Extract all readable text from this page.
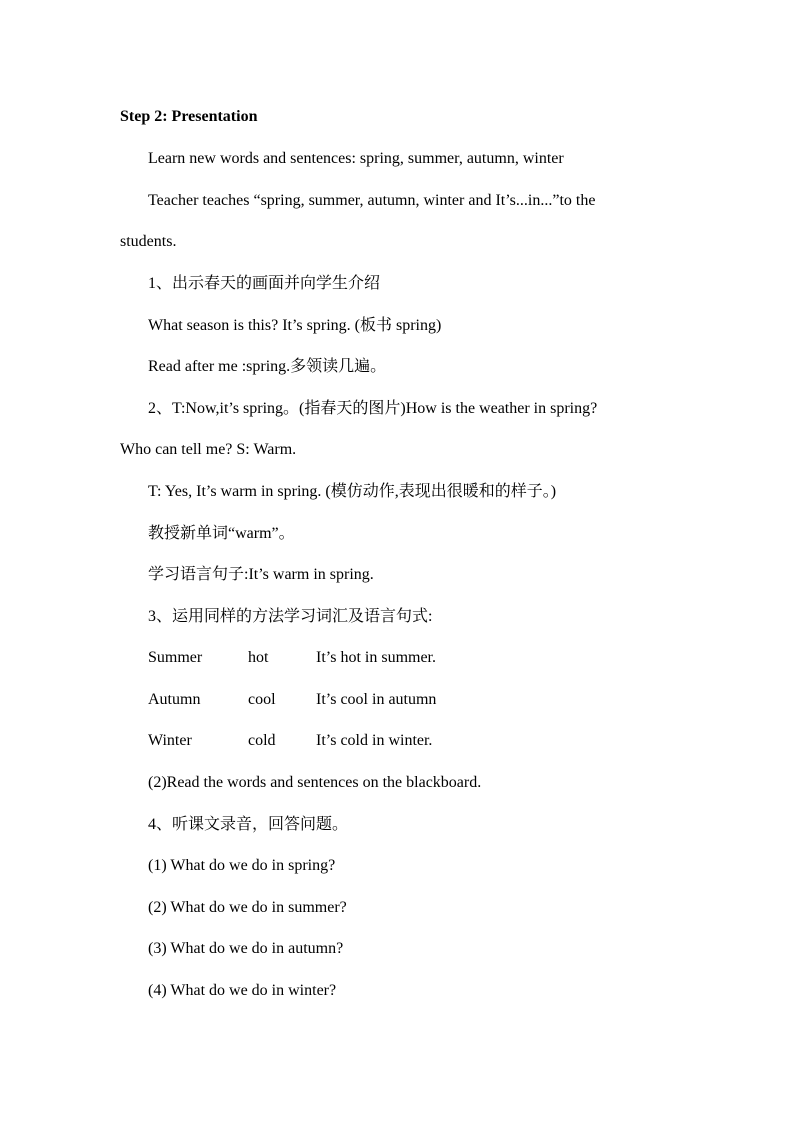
Step 2: Presentation
Learn new words and sentences: spring, summer, autumn, winter
Teacher teaches “spring, summer, autumn, winter and It’s...in...”to the
students.
1、出示春天的画面并向学生介绍
What season is this? It’s spring. (板书 spring)
Read after me :spring.多领读几遍。
2、T:Now,it’s spring。(指春天的图片)How is the weather in spring?
Who can tell me? S: Warm.
T: Yes, It’s warm in spring. (模仿动作,表现出很暖和的样子。)
教授新单词“warm”。
学习语言句子:It’s warm in spring.
3、运用同样的方法学习词汇及语言句式:
Summer	hot	It’s hot in summer.
Autumn	cool	It’s cool in autumn
Winter	cold	It’s cold in winter.
(2)Read the words and sentences on the blackboard.
4、听课文录音，回答问题。
(1) What do we do in spring?
(2) What do we do in summer?
(3) What do we do in autumn?
(4) What do we do in winter?
